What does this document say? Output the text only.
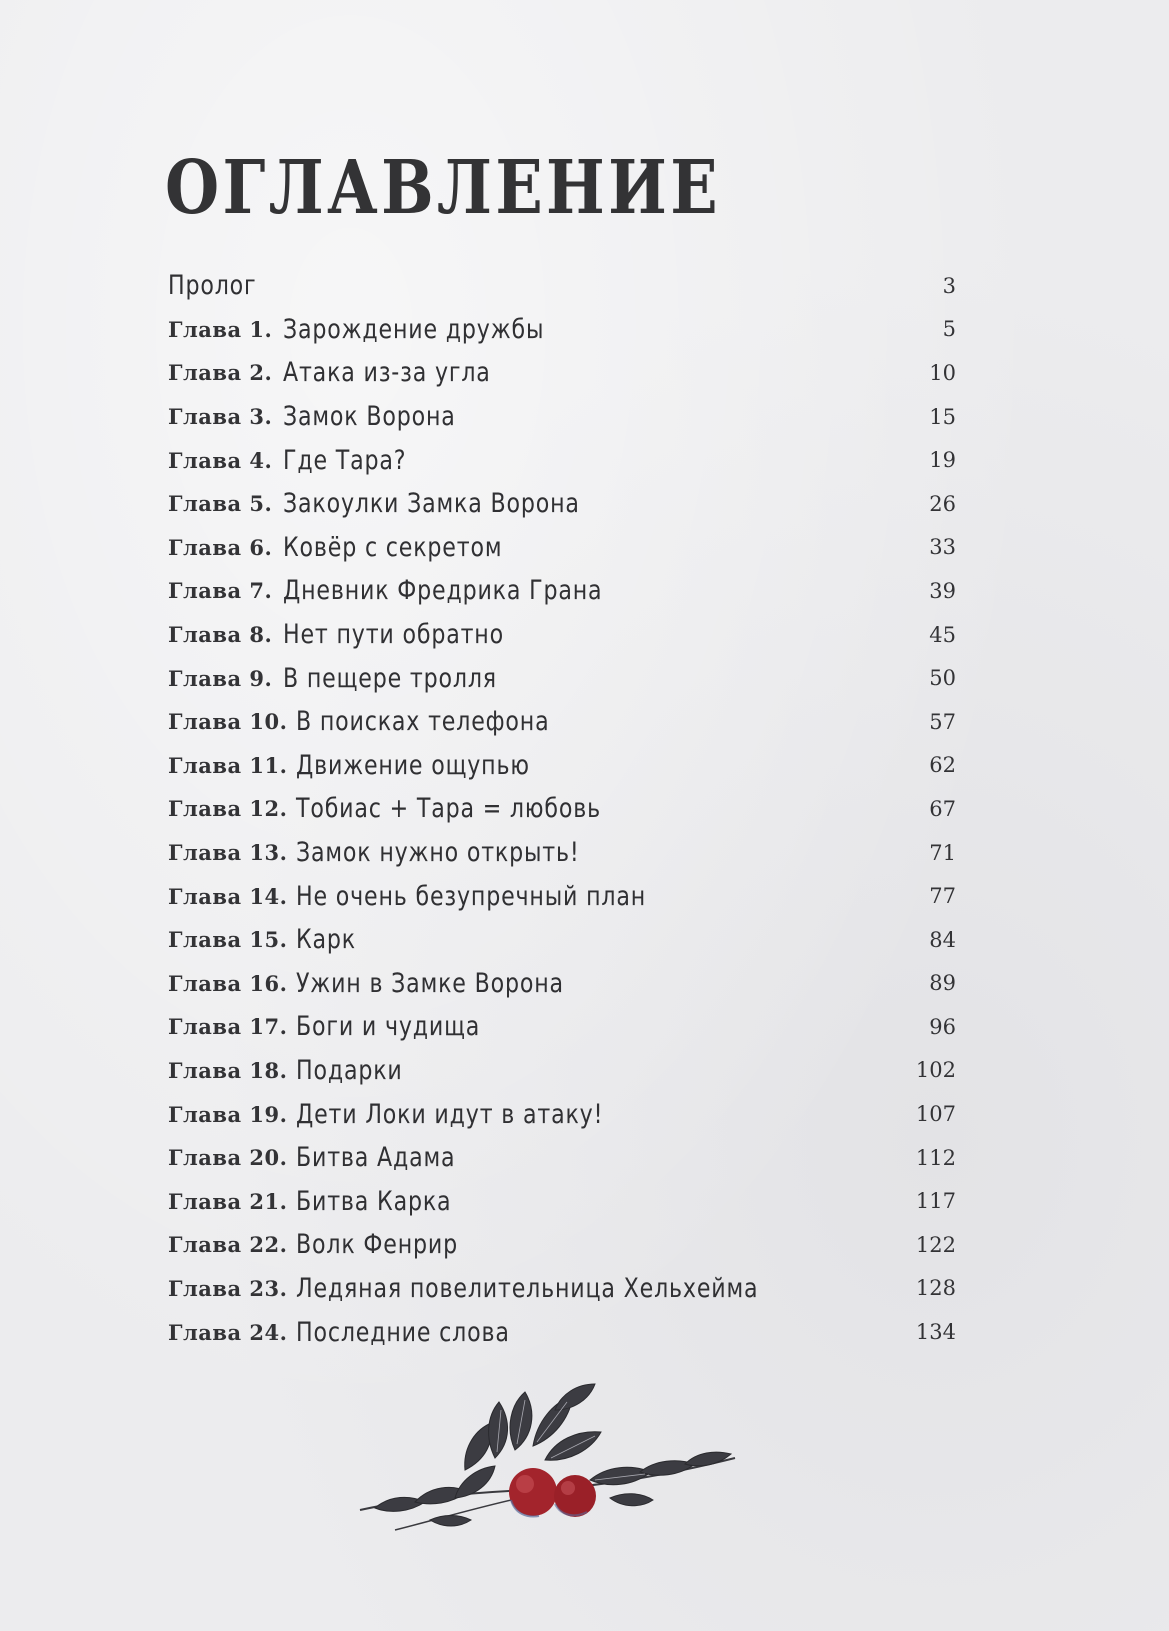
ОГЛАВЛЕНИЕ
Пролог	3
Глава 1. Зарождение дружбы	5
Глава 2. Атака из-за угла	10
Глава 3. Замок Ворона	15
Глава 4. Где Тара?	19
Глава 5. Закоулки Замка Ворона	26
Глава 6. Ковёр с секретом	33
Глава 7. Дневник Фредрика Грана	39
Глава 8. Нет пути обратно	45
Глава 9. В пещере тролля	50
Глава 10. В поисках телефона	57
Глава 11. Движение ощупью	62
Глава 12. Тобиас + Тара = любовь	67
Глава 13. Замок нужно открыть!	71
Глава 14. Не очень безупречный план	77
Глава 15. Карк	84
Глава 16. Ужин в Замке Ворона	89
Глава 17. Боги и чудища	96
Глава 18. Подарки	102
Глава 19. Дети Локи идут в атаку!	107
Глава 20. Битва Адама	112
Глава 21. Битва Карка	117
Глава 22. Волк Фенрир	122
Глава 23. Ледяная повелительница Хельхейма	128
Глава 24. Последние слова	134
